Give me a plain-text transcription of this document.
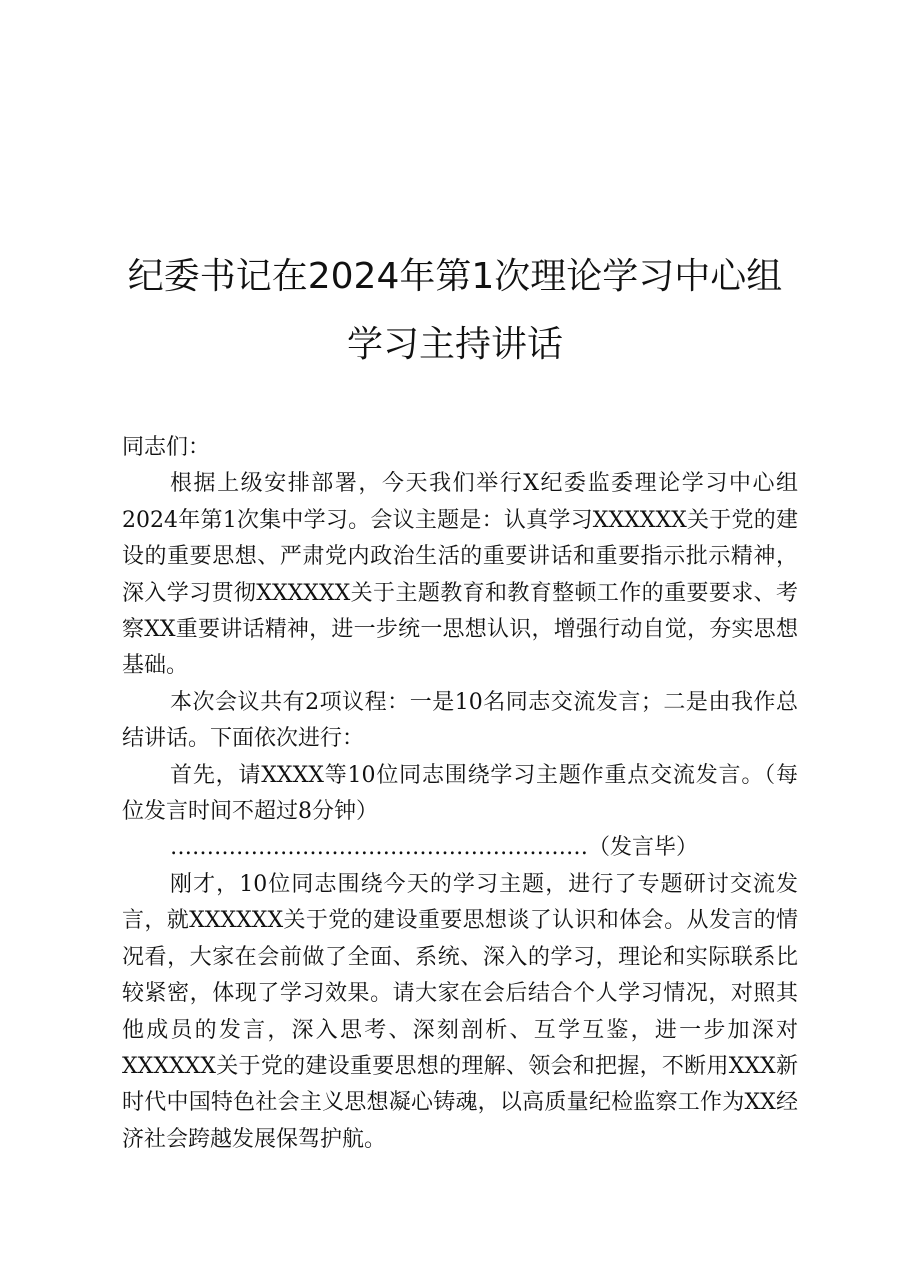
纪委书记在2024年第1次理论学习中心组学习主持讲话

同志们：

根据上级安排部署，今天我们举行X纪委监委理论学习中心组2024年第1次集中学习。会议主题是：认真学习XXXXXX关于党的建设的重要思想、严肃党内政治生活的重要讲话和重要指示批示精神，深入学习贯彻XXXXXX关于主题教育和教育整顿工作的重要要求、考察XX重要讲话精神，进一步统一思想认识，增强行动自觉，夯实思想基础。

本次会议共有2项议程：一是10名同志交流发言；二是由我作总结讲话。下面依次进行：

首先，请XXXX等10位同志围绕学习主题作重点交流发言。（每位发言时间不超过8分钟）

…………………………………………………（发言毕）

刚才，10位同志围绕今天的学习主题，进行了专题研讨交流发言，就XXXXXX关于党的建设重要思想谈了认识和体会。从发言的情况看，大家在会前做了全面、系统、深入的学习，理论和实际联系比较紧密，体现了学习效果。请大家在会后结合个人学习情况，对照其他成员的发言，深入思考、深刻剖析、互学互鉴，进一步加深对XXXXXX关于党的建设重要思想的理解、领会和把握，不断用XXX新时代中国特色社会主义思想凝心铸魂，以高质量纪检监察工作为XX经济社会跨越发展保驾护航。
